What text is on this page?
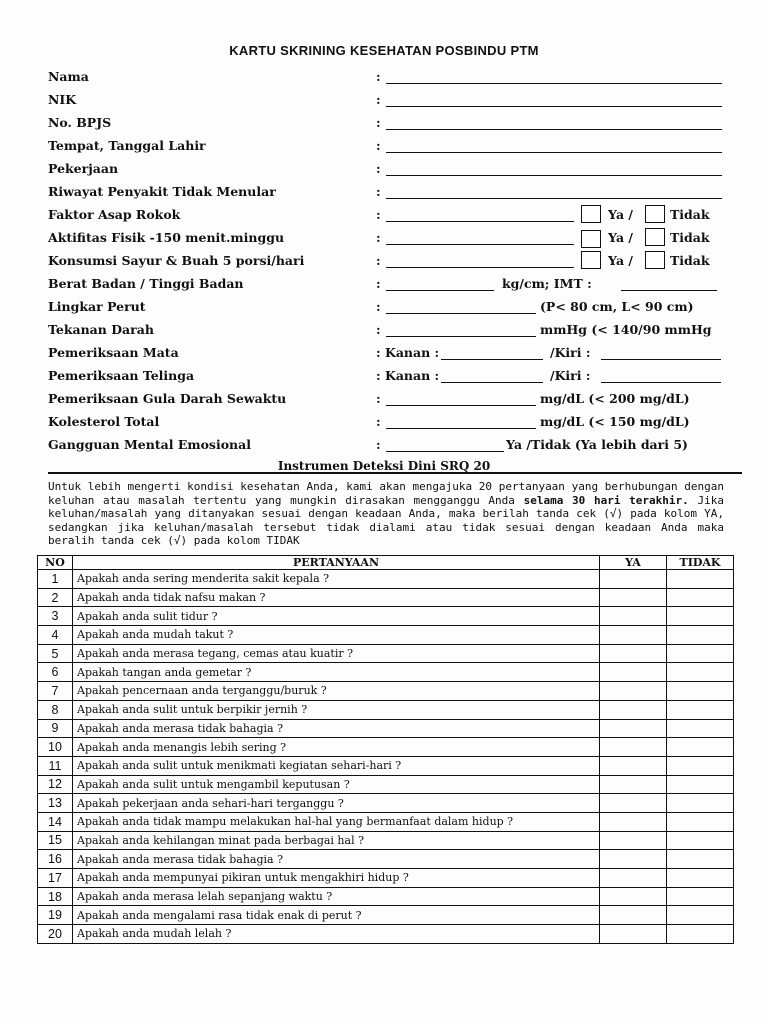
KARTU SKRINING KESEHATAN POSBINDU PTM
Nama	:
NIK	:
No. BPJS	:
Tempat, Tanggal Lahir	:
Pekerjaan	:
Riwayat Penyakit Tidak Menular	:
Faktor Asap Rokok	:	Ya /	Tidak
Aktifitas Fisik -150 menit.minggu	:	Ya /	Tidak
Konsumsi Sayur & Buah 5 porsi/hari	:	Ya /	Tidak
Berat Badan / Tinggi Badan	:	kg/cm; IMT :
Lingkar Perut	:	(P< 80 cm, L< 90 cm)
Tekanan Darah	:	mmHg (< 140/90 mmHg
Pemeriksaan Mata	: Kanan :	/Kiri :
Pemeriksaan Telinga	: Kanan :	/Kiri :
Pemeriksaan Gula Darah Sewaktu	:	mg/dL (< 200 mg/dL)
Kolesterol Total	:	mg/dL (< 150 mg/dL)
Gangguan Mental Emosional	:	Ya /Tidak (Ya lebih dari 5)
Instrumen Deteksi Dini SRQ 20
Untuk lebih mengerti kondisi kesehatan Anda, kami akan mengajuka 20 pertanyaan yang berhubungan dengan keluhan atau masalah tertentu yang mungkin dirasakan mengganggu Anda selama 30 hari terakhir. Jika keluhan/masalah yang ditanyakan sesuai dengan keadaan Anda, maka berilah tanda cek (√) pada kolom YA, sedangkan jika keluhan/masalah tersebut tidak dialami atau tidak sesuai dengan keadaan Anda maka beralih tanda cek (√) pada kolom TIDAK
NO	PERTANYAAN	YA	TIDAK
1	Apakah anda sering menderita sakit kepala ?		
2	Apakah anda tidak nafsu makan ?		
3	Apakah anda sulit tidur ?		
4	Apakah anda mudah takut ?		
5	Apakah anda merasa tegang, cemas atau kuatir ?		
6	Apakah tangan anda gemetar ?		
7	Apakah pencernaan anda terganggu/buruk ?		
8	Apakah anda sulit untuk berpikir jernih ?		
9	Apakah anda merasa tidak bahagia ?		
10	Apakah anda menangis lebih sering ?		
11	Apakah anda sulit untuk menikmati kegiatan sehari-hari ?		
12	Apakah anda sulit untuk mengambil keputusan ?		
13	Apakah pekerjaan anda sehari-hari terganggu ?		
14	Apakah anda tidak mampu melakukan hal-hal yang bermanfaat dalam hidup ?		
15	Apakah anda kehilangan minat pada berbagai hal ?		
16	Apakah anda merasa tidak bahagia ?		
17	Apakah anda mempunyai pikiran untuk mengakhiri hidup ?		
18	Apakah anda merasa lelah sepanjang waktu ?		
19	Apakah anda mengalami rasa tidak enak di perut ?		
20	Apakah anda mudah lelah ?		
